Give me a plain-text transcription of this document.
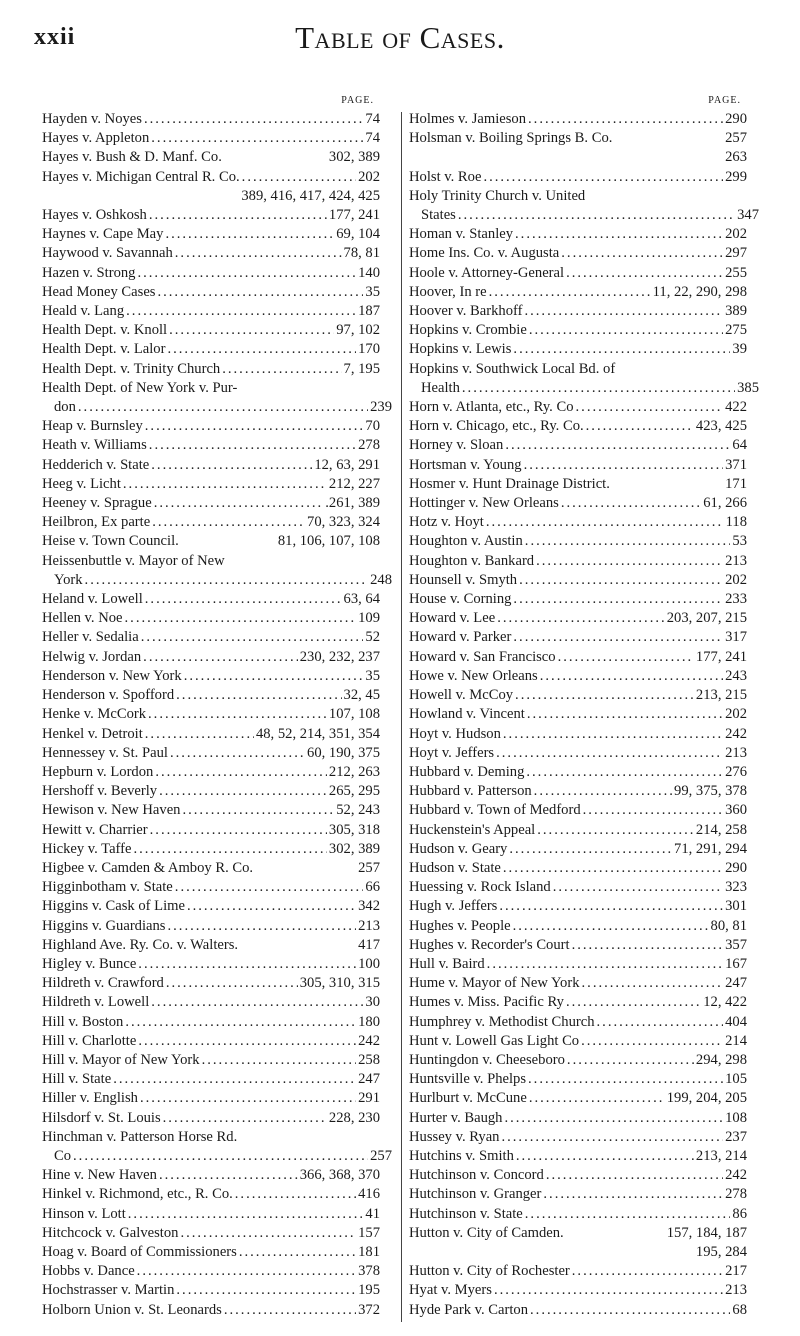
xxii	Table of Cases.
PAGE.
Hayden v. Noyes .....	74
Hayes v. Appleton .....	74
Hayes v. Bush & D. Manf. Co.	302, 389
Hayes v. Michigan Central R. Co. .....	202
389, 416, 417, 424, 425
Hayes v. Oshkosh .....	177, 241
Haynes v. Cape May .....	69, 104
Haywood v. Savannah .....	78, 81
Hazen v. Strong .....	140
Head Money Cases .....	35
Heald v. Lang .....	187
Health Dept. v. Knoll .....	97, 102
Health Dept. v. Lalor .....	170
Health Dept. v. Trinity Church .....	7, 195
Health Dept. of New York v. Pur-
don .....	239
Heap v. Burnsley .....	70
Heath v. Williams .....	278
Hedderich v. State .....	12, 63, 291
Heeg v. Licht .....	212, 227
Heeney v. Sprague .....	.261, 389
Heilbron, Ex parte .....	70, 323, 324
Heise v. Town Council.	81, 106, 107, 108
Heissenbuttle v. Mayor of New
York .....	248
Heland v. Lowell .....	63, 64
Hellen v. Noe .....	109
Heller v. Sedalia .....	52
Helwig v. Jordan .....	230, 232, 237
Henderson v. New York .....	35
Henderson v. Spofford .....	32, 45
Henke v. McCork .....	107, 108
Henkel v. Detroit .....	48, 52, 214, 351, 354
Hennessey v. St. Paul .....	60, 190, 375
Hepburn v. Lordon .....	212, 263
Hershoff v. Beverly .....	265, 295
Hewison v. New Haven .....	52, 243
Hewitt v. Charrier .....	305, 318
Hickey v. Taffe .....	302, 389
Higbee v. Camden & Amboy R. Co.	257
Higginbotham v. State .....	66
Higgins v. Cask of Lime .....	342
Higgins v. Guardians .....	213
Highland Ave. Ry. Co. v. Walters.	417
Higley v. Bunce .....	100
Hildreth v. Crawford .....	305, 310, 315
Hildreth v. Lowell .....	30
Hill v. Boston .....	180
Hill v. Charlotte .....	242
Hill v. Mayor of New York .....	258
Hill v. State .....	247
Hiller v. English .....	291
Hilsdorf v. St. Louis .....	228, 230
Hinchman v. Patterson Horse Rd.
Co .....	257
Hine v. New Haven .....	366, 368, 370
Hinkel v. Richmond, etc., R. Co. .....	416
Hinson v. Lott .....	41
Hitchcock v. Galveston .....	157
Hoag v. Board of Commissioners .....	181
Hobbs v. Dance .....	378
Hochstrasser v. Martin .....	195
Holborn Union v. St. Leonards .....	372
PAGE.
Holmes v. Jamieson .....	290
Holsman v. Boiling Springs B. Co.	257
263
Holst v. Roe .....	299
Holy Trinity Church v. United
States .....	347
Homan v. Stanley .....	202
Home Ins. Co. v. Augusta .....	297
Hoole v. Attorney-General .....	255
Hoover, In re .....	11, 22, 290, 298
Hoover v. Barkhoff .....	389
Hopkins v. Crombie .....	275
Hopkins v. Lewis .....	39
Hopkins v. Southwick Local Bd. of
Health .....	385
Horn v. Atlanta, etc., Ry. Co .....	422
Horn v. Chicago, etc., Ry. Co. .....	423, 425
Horney v. Sloan .....	64
Hortsman v. Young .....	371
Hosmer v. Hunt Drainage District.	171
Hottinger v. New Orleans .....	61, 266
Hotz v. Hoyt .....	118
Houghton v. Austin .....	53
Houghton v. Bankard .....	213
Hounsell v. Smyth .....	202
House v. Corning .....	233
Howard v. Lee .....	203, 207, 215
Howard v. Parker .....	317
Howard v. San Francisco .....	177, 241
Howe v. New Orleans .....	243
Howell v. McCoy .....	213, 215
Howland v. Vincent .....	202
Hoyt v. Hudson .....	242
Hoyt v. Jeffers .....	213
Hubbard v. Deming .....	276
Hubbard v. Patterson .....	99, 375, 378
Hubbard v. Town of Medford .....	360
Huckenstein's Appeal .....	214, 258
Hudson v. Geary .....	71, 291, 294
Hudson v. State .....	290
Huessing v. Rock Island .....	323
Hugh v. Jeffers .....	301
Hughes v. People .....	80, 81
Hughes v. Recorder's Court .....	357
Hull v. Baird .....	167
Hume v. Mayor of New York .....	247
Humes v. Miss. Pacific Ry .....	12, 422
Humphrey v. Methodist Church .....	404
Hunt v. Lowell Gas Light Co .....	214
Huntingdon v. Cheeseboro .....	294, 298
Huntsville v. Phelps .....	105
Hurlburt v. McCune .....	199, 204, 205
Hurter v. Baugh .....	108
Hussey v. Ryan .....	237
Hutchins v. Smith .....	213, 214
Hutchinson v. Concord .....	242
Hutchinson v. Granger .....	278
Hutchinson v. State .....	86
Hutton v. City of Camden.	157, 184, 187
195, 284
Hutton v. City of Rochester .....	217
Hyat v. Myers .....	213
Hyde Park v. Carton .....	68
